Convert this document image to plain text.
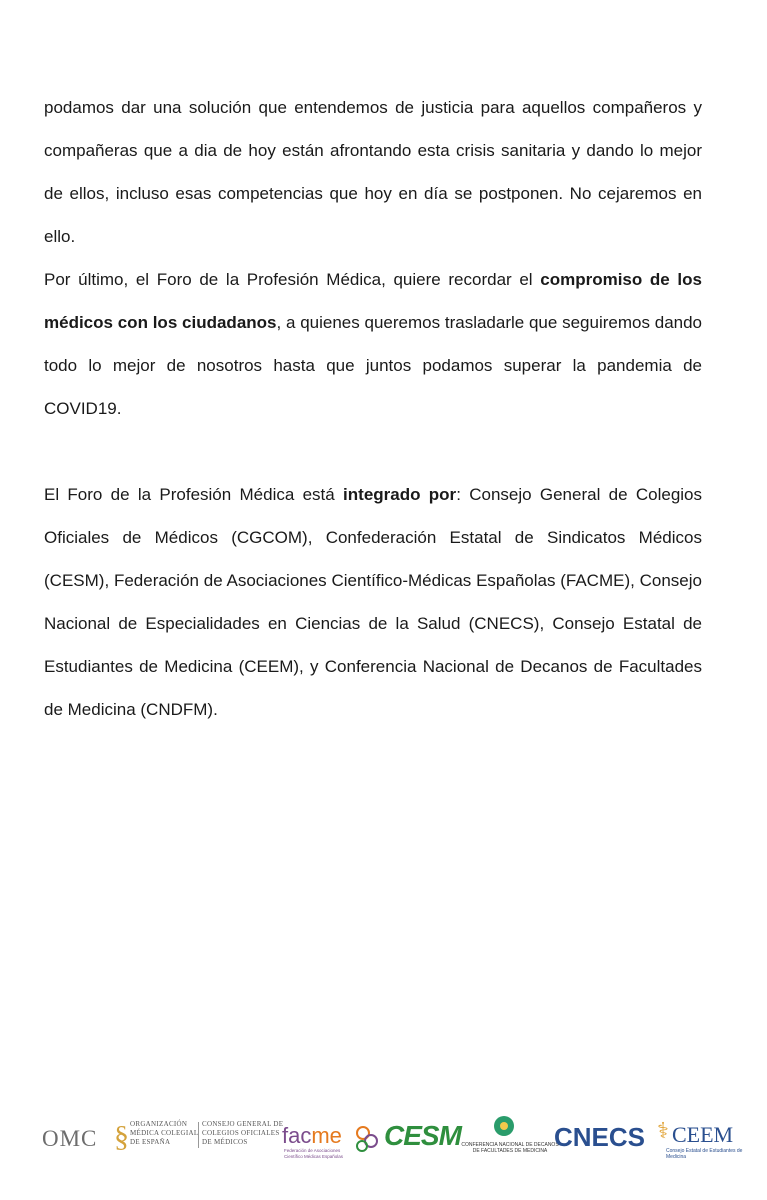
podamos dar una solución que entendemos de justicia para aquellos compañeros y compañeras que a dia de hoy están afrontando esta crisis sanitaria y dando lo mejor de ellos, incluso esas competencias que hoy en día se postponen. No cejaremos en ello.

Por último, el Foro de la Profesión Médica, quiere recordar el compromiso de los médicos con los ciudadanos, a quienes queremos trasladarle que seguiremos dando todo lo mejor de nosotros hasta que juntos podamos superar la pandemia de COVID19.

El Foro de la Profesión Médica está integrado por: Consejo General de Colegios Oficiales de Médicos (CGCOM), Confederación Estatal de Sindicatos Médicos (CESM), Federación de Asociaciones Científico-Médicas Españolas (FACME), Consejo Nacional de Especialidades en Ciencias de la Salud (CNECS), Consejo Estatal de Estudiantes de Medicina (CEEM), y Conferencia Nacional de Decanos de Facultades de Medicina (CNDFM).

OMC § ORGANIZACIÓN MÉDICA COLEGIAL DE ESPAÑA
CONSEJO GENERAL DE COLEGIOS OFICIALES DE MÉDICOS	facme
Federación de Asociaciones Científico Médicas Españolas
CESM CONFERENCIA NACIONAL DE DECANOS DE FACULTADES DE MEDICINA CNECS ⚕ CEEM
Consejo Estatal de Estudiantes de Medicina
